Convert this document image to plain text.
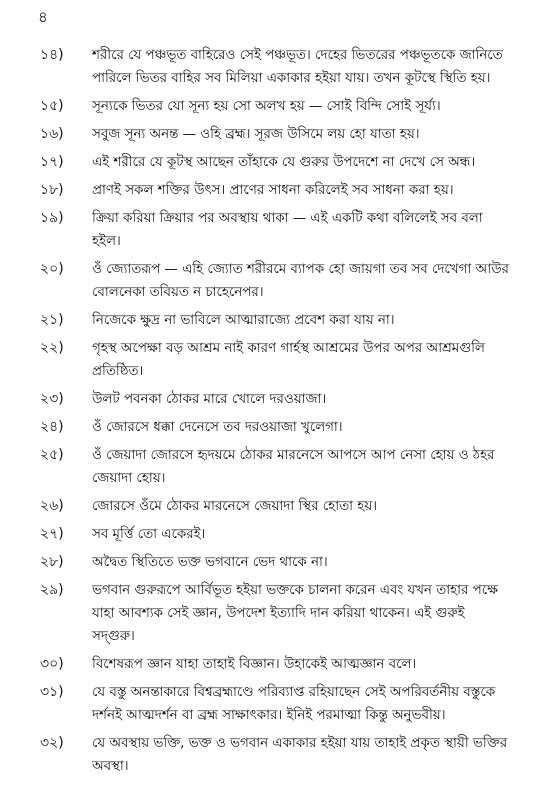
৪
১৪)	শরীরে যে পঞ্চভূত বাহিরেও সেই পঞ্চভূত। দেহের ভিতরের পঞ্চভূতকে জানিতে পারিলে ভিতর বাহির সব মিলিয়া একাকার হইয়া যায়। তখন কূটস্থে স্থিতি হয়।
১৫)	সূন্যকে ভিতর যো সূন্য হয় সো অলখ হয় — সোই বিন্দি সোই সূর্য্য।
১৬)	সবুজ সূন্য অনন্ত — ওহি ব্রহ্ম। সূরজ উসিমে লয় হো যাতা হয়।
১৭)	এই শরীরে যে কূটস্থ আছেন তাঁহাকে যে গুরুর উপদেশে না দেখে সে অন্ধ।
১৮)	প্রাণই সকল শক্তির উৎস। প্রাণের সাধনা করিলেই সব সাধনা করা হয়।
১৯)	ক্রিয়া করিয়া ক্রিয়ার পর অবস্থায় থাকা — এই একটি কথা বলিলেই সব বলা হইল।
২০)	ওঁ জ্যোতরূপ — এহি জ্যোত শরীরমে ব্যাপক হো জায়গা তব সব দেখেগা আউর বোলনেকা তবিয়ত ন চাহেনেপর।
২১)	নিজেকে ক্ষুদ্র না ভাবিলে আত্মারাজ্যে প্রবেশ করা যায় না।
২২)	গৃহস্থ অপেক্ষা বড় আশ্রম নাই কারণ গার্হস্থ আশ্রমের উপর অপর আশ্রমগুলি প্রতিষ্ঠিত।
২৩)	উলট পবনকা ঠোকর মারে খোলে দরওয়াজা।
২৪)	ওঁ জোরসে ধক্কা দেনেসে তব দরওয়াজা খুলেগা।
২৫)	ওঁ জেয়াদা জোরসে হৃদয়মে ঠোকর মারনেসে আপসে আপ নেসা হোয় ও ঠহর জেয়াদা হোয়।
২৬)	জোরসে ওঁমে ঠোকর মারনেসে জেয়াদা স্থির হোতা হয়।
২৭)	সব মূর্ত্তি তো একেরই।
২৮)	অদ্বৈত স্থিতিতে ভক্ত ভগবানে ভেদ থাকে না।
২৯)	ভগবান গুরুরূপে আর্বিভূত হইয়া ভক্তকে চালনা করেন এবং যখন তাহার পক্ষে যাহা আবশ্যক সেই জ্ঞান, উপদেশ ইত্যাদি দান করিয়া থাকেন। এই গুরুই সদ্গুরু।
৩০)	বিশেষরূপ জ্ঞান যাহা তাহাই বিজ্ঞান। উহাকেই আত্মজ্ঞান বলে।
৩১)	যে বস্তু অনন্তাকারে বিশ্বব্রহ্মাণ্ডে পরিব্যাপ্ত রহিয়াছেন সেই অপরিবর্তনীয় বস্তুকে দর্শনই আত্মদর্শন বা ব্রহ্ম সাক্ষাৎকার। ইনিই পরমাত্মা কিন্তু অনুভবীয়।
৩২)	যে অবস্থায় ভক্তি, ভক্ত ও ভগবান একাকার হইয়া যায় তাহাই প্রকৃত স্থায়ী ভক্তির অবস্থা।
